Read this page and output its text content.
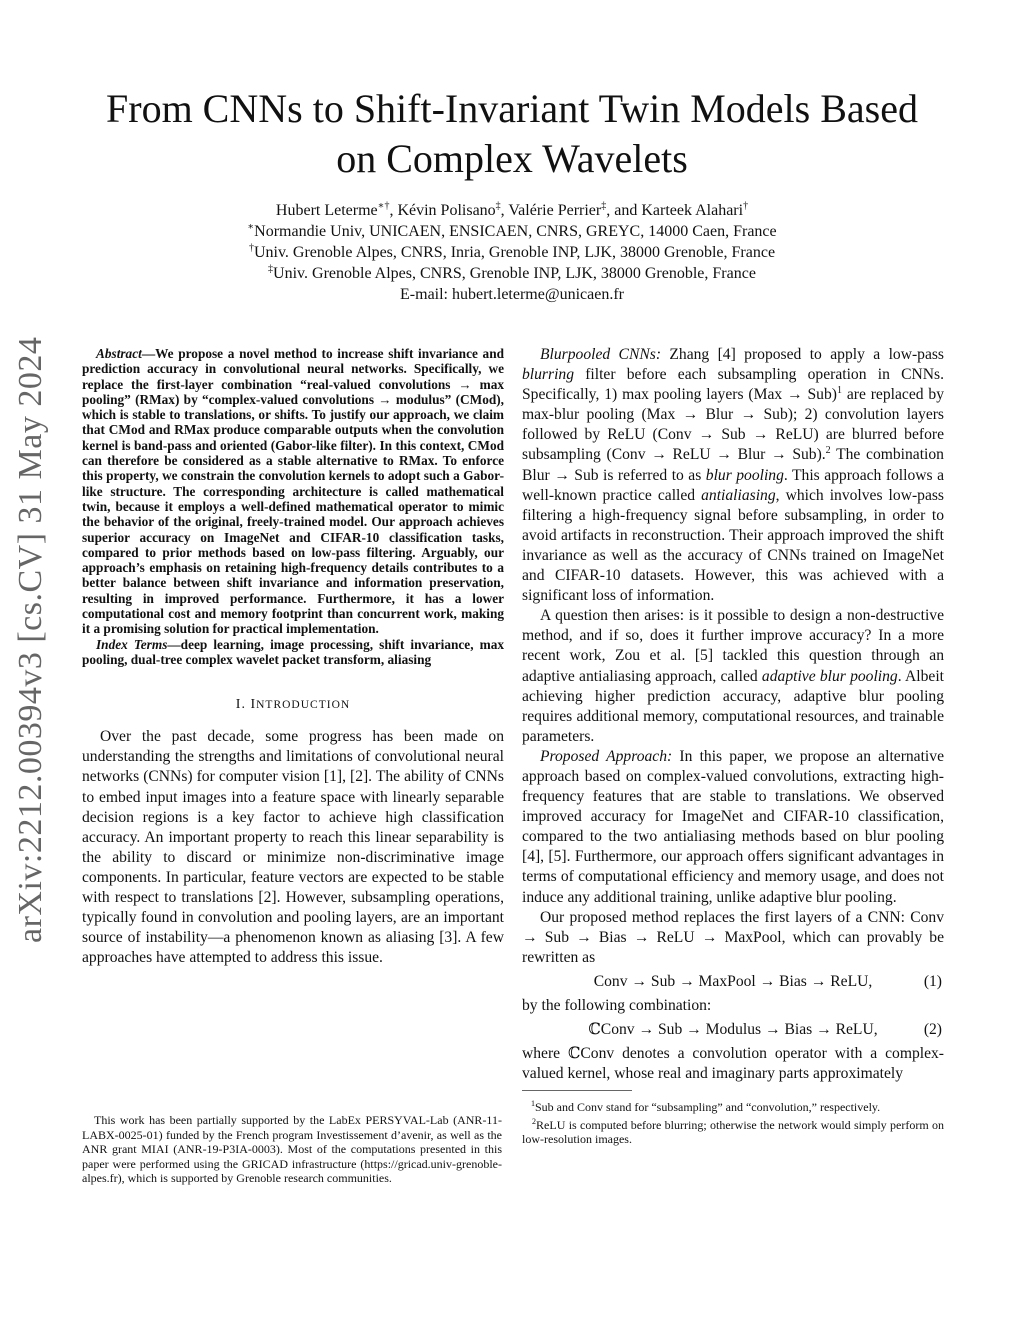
arXiv:2212.00394v3 [cs.CV] 31 May 2024
From CNNs to Shift-Invariant Twin Models Based
on Complex Wavelets
Hubert Leterme∗†, Kévin Polisano‡, Valérie Perrier‡, and Karteek Alahari†
∗Normandie Univ, UNICAEN, ENSICAEN, CNRS, GREYC, 14000 Caen, France
†Univ. Grenoble Alpes, CNRS, Inria, Grenoble INP, LJK, 38000 Grenoble, France
‡Univ. Grenoble Alpes, CNRS, Grenoble INP, LJK, 38000 Grenoble, France
E-mail: hubert.leterme@unicaen.fr

Abstract—We propose a novel method to increase shift invariance and prediction accuracy in convolutional neural networks. Specifically, we replace the first-layer combination “real-valued convolutions → max pooling” (RMax) by “complex-valued convolutions → modulus” (CMod), which is stable to translations, or shifts. To justify our approach, we claim that CMod and RMax produce comparable outputs when the convolution kernel is band-pass and oriented (Gabor-like filter). In this context, CMod can therefore be considered as a stable alternative to RMax. To enforce this property, we constrain the convolution kernels to adopt such a Gabor-like structure. The corresponding architecture is called mathematical twin, because it employs a well-defined mathematical operator to mimic the behavior of the original, freely-trained model. Our approach achieves superior accuracy on ImageNet and CIFAR-10 classification tasks, compared to prior methods based on low-pass filtering. Arguably, our approach’s emphasis on retaining high-frequency details contributes to a better balance between shift invariance and information preservation, resulting in improved performance. Furthermore, it has a lower computational cost and memory footprint than concurrent work, making it a promising solution for practical implementation.

Index Terms—deep learning, image processing, shift invariance, max pooling, dual-tree complex wavelet packet transform, aliasing

I. INTRODUCTION

Over the past decade, some progress has been made on understanding the strengths and limitations of convolutional neural networks (CNNs) for computer vision [1], [2]. The ability of CNNs to embed input images into a feature space with linearly separable decision regions is a key factor to achieve high classification accuracy. An important property to reach this linear separability is the ability to discard or minimize non-discriminative image components. In particular, feature vectors are expected to be stable with respect to translations [2]. However, subsampling operations, typically found in convolution and pooling layers, are an important source of instability—a phenomenon known as aliasing [3]. A few approaches have attempted to address this issue.

This work has been partially supported by the LabEx PERSYVAL-Lab (ANR-11-LABX-0025-01) funded by the French program Investissement d’avenir, as well as the ANR grant MIAI (ANR-19-P3IA-0003). Most of the computations presented in this paper were performed using the GRICAD infrastructure (https://gricad.univ-grenoble-alpes.fr), which is supported by Grenoble research communities.

Blurpooled CNNs: Zhang [4] proposed to apply a low-pass blurring filter before each subsampling operation in CNNs. Specifically, 1) max pooling layers (Max → Sub)$^1$ are replaced by max-blur pooling (Max → Blur → Sub); 2) convolution layers followed by ReLU (Conv → Sub → ReLU) are blurred before subsampling (Conv → ReLU → Blur → Sub).$^2$ The combination Blur → Sub is referred to as blur pooling. This approach follows a well-known practice called antialiasing, which involves low-pass filtering a high-frequency signal before subsampling, in order to avoid artifacts in reconstruction. Their approach improved the shift invariance as well as the accuracy of CNNs trained on ImageNet and CIFAR-10 datasets. However, this was achieved with a significant loss of information.

A question then arises: is it possible to design a non-destructive method, and if so, does it further improve accuracy? In a more recent work, Zou et al. [5] tackled this question through an adaptive antialiasing approach, called adaptive blur pooling. Albeit achieving higher prediction accuracy, adaptive blur pooling requires additional memory, computational resources, and trainable parameters.

Proposed Approach: In this paper, we propose an alternative approach based on complex-valued convolutions, extracting high-frequency features that are stable to translations. We observed improved accuracy for ImageNet and CIFAR-10 classification, compared to the two antialiasing methods based on blur pooling [4], [5]. Furthermore, our approach offers significant advantages in terms of computational efficiency and memory usage, and does not induce any additional training, unlike adaptive blur pooling.

Our proposed method replaces the first layers of a CNN: Conv → Sub → Bias → ReLU → MaxPool, which can provably be rewritten as

Conv → Sub → MaxPool → Bias → ReLU,	(1)

by the following combination:

ℂConv → Sub → Modulus → Bias → ReLU,	(2)

where ℂConv denotes a convolution operator with a complex-valued kernel, whose real and imaginary parts approximately

$^1$Sub and Conv stand for “subsampling” and “convolution,” respectively.

$^2$ReLU is computed before blurring; otherwise the network would simply perform on low-resolution images.
